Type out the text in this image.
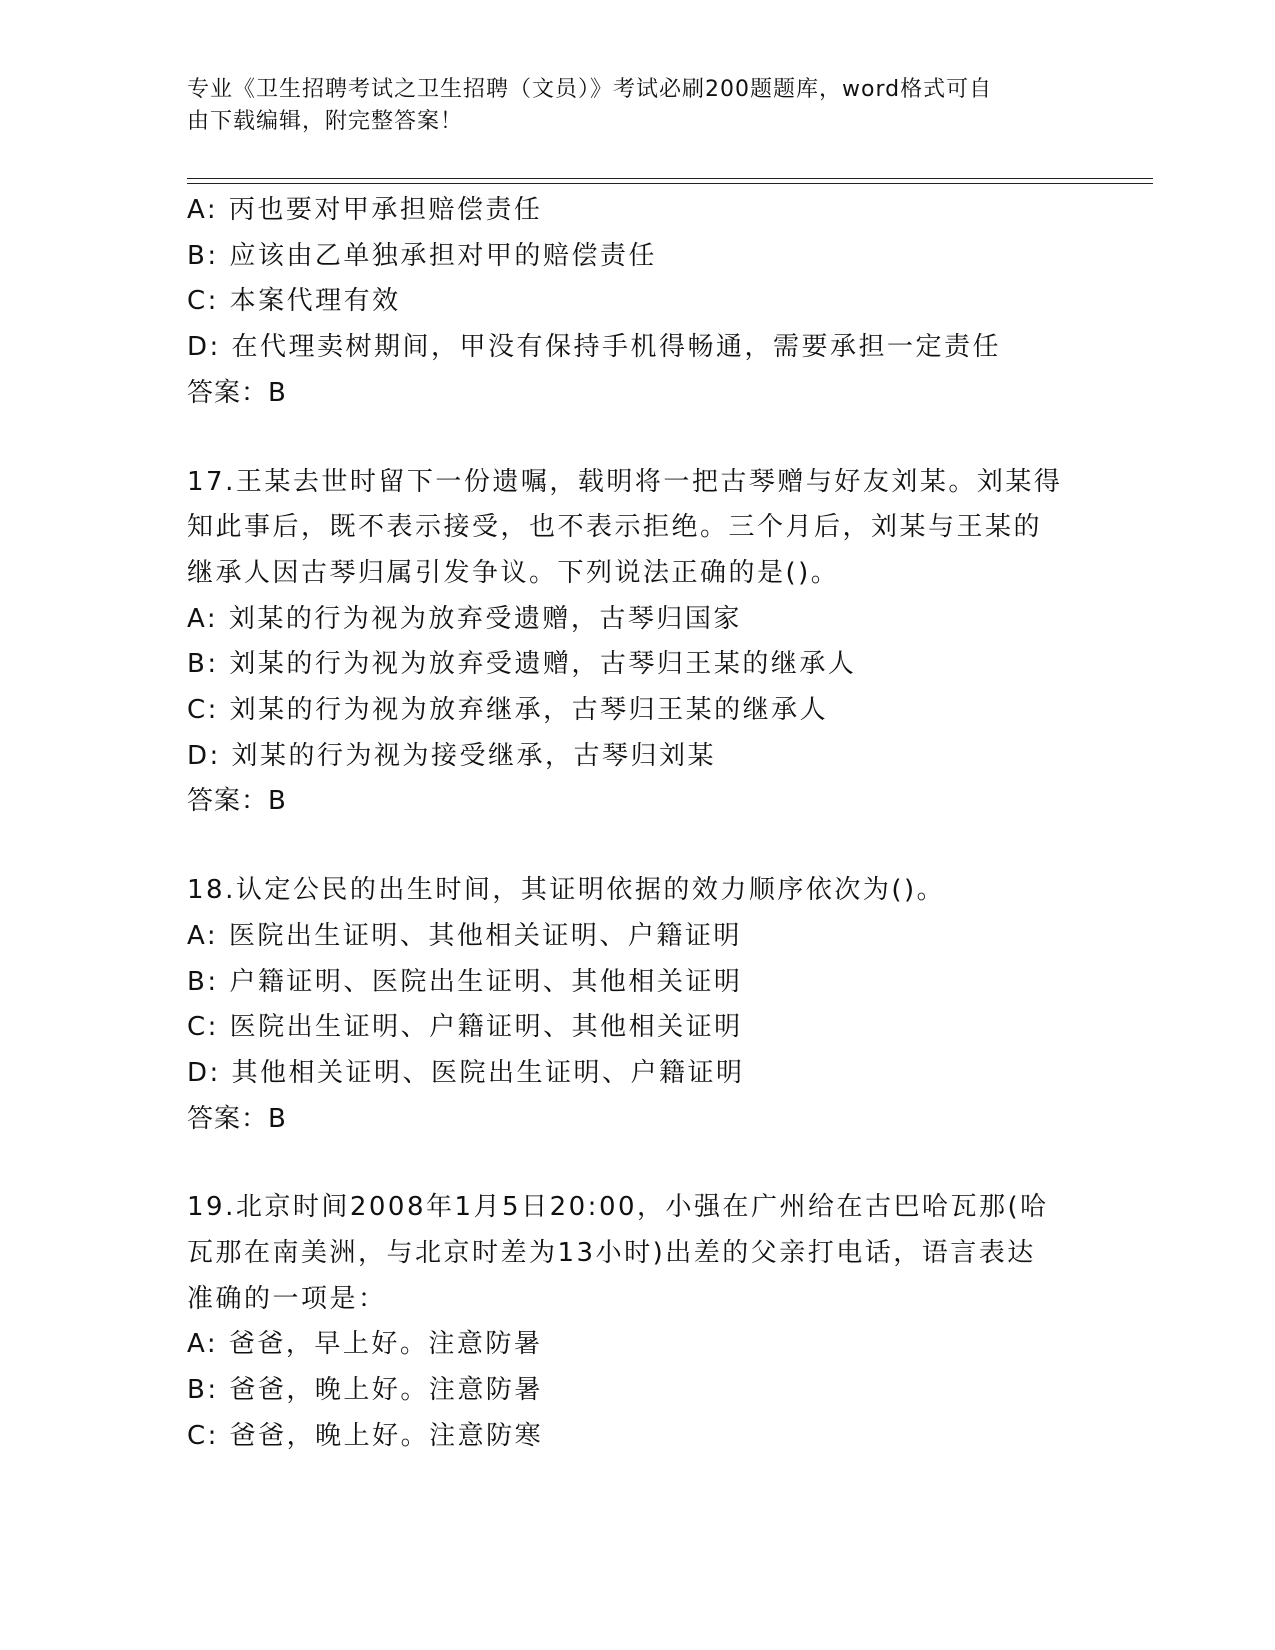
专业《卫生招聘考试之卫生招聘（文员）》考试必刷200题题库，word格式可自
由下载编辑，附完整答案！
A: 丙也要对甲承担赔偿责任
B: 应该由乙单独承担对甲的赔偿责任
C: 本案代理有效
D: 在代理卖树期间，甲没有保持手机得畅通，需要承担一定责任
答案：B
17.王某去世时留下一份遗嘱，载明将一把古琴赠与好友刘某。刘某得
知此事后，既不表示接受，也不表示拒绝。三个月后，刘某与王某的
继承人因古琴归属引发争议。下列说法正确的是()。
A: 刘某的行为视为放弃受遗赠，古琴归国家
B: 刘某的行为视为放弃受遗赠，古琴归王某的继承人
C: 刘某的行为视为放弃继承，古琴归王某的继承人
D: 刘某的行为视为接受继承，古琴归刘某
答案：B
18.认定公民的出生时间，其证明依据的效力顺序依次为()。
A: 医院出生证明、其他相关证明、户籍证明
B: 户籍证明、医院出生证明、其他相关证明
C: 医院出生证明、户籍证明、其他相关证明
D: 其他相关证明、医院出生证明、户籍证明
答案：B
19.北京时间2008年1月5日20:00，小强在广州给在古巴哈瓦那(哈
瓦那在南美洲，与北京时差为13小时)出差的父亲打电话，语言表达
准确的一项是：
A: 爸爸，早上好。注意防暑
B: 爸爸，晚上好。注意防暑
C: 爸爸，晚上好。注意防寒
